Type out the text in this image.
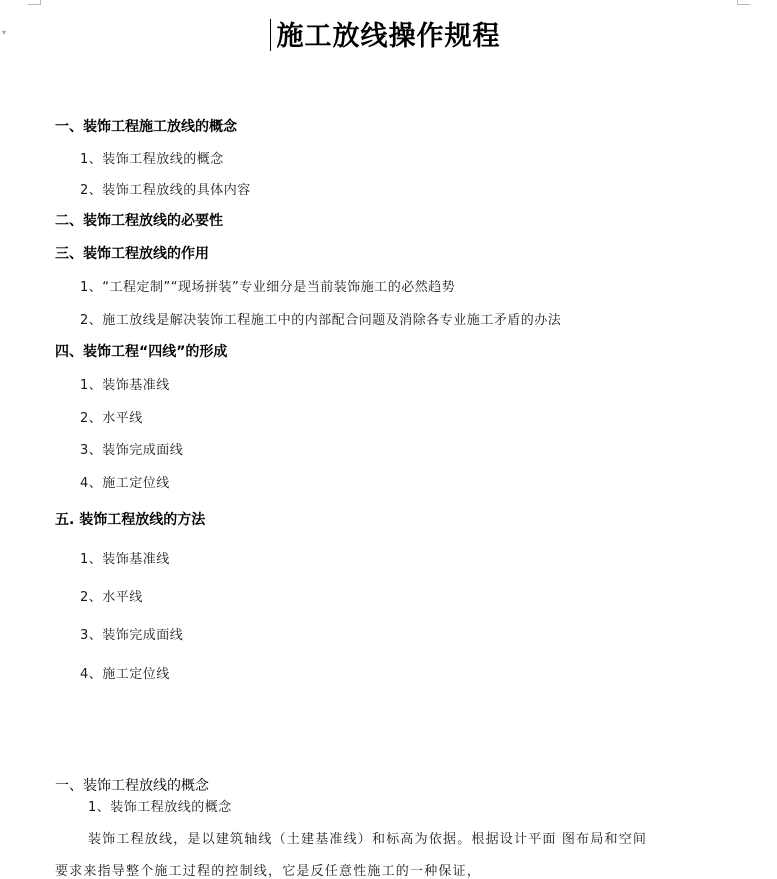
▾	施工放线操作规程
一、装饰工程施工放线的概念
1、装饰工程放线的概念
2、装饰工程放线的具体内容
二、装饰工程放线的必要性
三、装饰工程放线的作用
1、“工程定制”“现场拼装”专业细分是当前装饰施工的必然趋势
2、施工放线是解决装饰工程施工中的内部配合问题及消除各专业施工矛盾的办法
四、装饰工程“四线”的形成
1、装饰基准线
2、水平线
3、装饰完成面线
4、施工定位线
五. 装饰工程放线的方法
1、装饰基准线
2、水平线
3、装饰完成面线
4、施工定位线
一、装饰工程放线的概念
1、装饰工程放线的概念
装饰工程放线，是以建筑轴线（土建基准线）和标高为依据。根据设计平面 图布局和空间
要求来指导整个施工过程的控制线，它是反任意性施工的一种保证，
